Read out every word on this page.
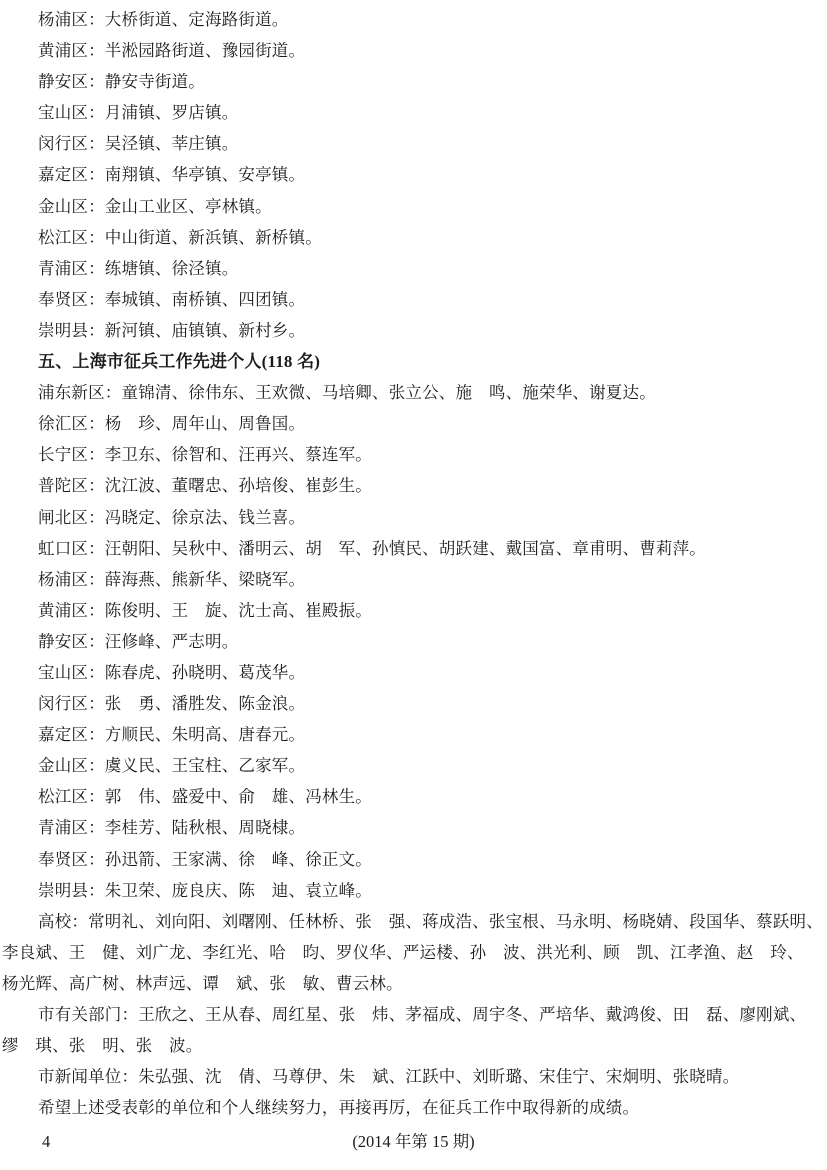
杨浦区：大桥街道、定海路街道。
黄浦区：半淞园路街道、豫园街道。
静安区：静安寺街道。
宝山区：月浦镇、罗店镇。
闵行区：吴泾镇、莘庄镇。
嘉定区：南翔镇、华亭镇、安亭镇。
金山区：金山工业区、亭林镇。
松江区：中山街道、新浜镇、新桥镇。
青浦区：练塘镇、徐泾镇。
奉贤区：奉城镇、南桥镇、四团镇。
崇明县：新河镇、庙镇镇、新村乡。
五、上海市征兵工作先进个人(118 名)
浦东新区：童锦清、徐伟东、王欢微、马培卿、张立公、施　鸣、施荣华、谢夏达。
徐汇区：杨　珍、周年山、周鲁国。
长宁区：李卫东、徐智和、汪再兴、蔡连军。
普陀区：沈江波、董曙忠、孙培俊、崔彭生。
闸北区：冯晓定、徐京法、钱兰喜。
虹口区：汪朝阳、吴秋中、潘明云、胡　军、孙慎民、胡跃建、戴国富、章甫明、曹莉萍。
杨浦区：薛海燕、熊新华、梁晓军。
黄浦区：陈俊明、王　旋、沈士高、崔殿振。
静安区：汪修峰、严志明。
宝山区：陈春虎、孙晓明、葛茂华。
闵行区：张　勇、潘胜发、陈金浪。
嘉定区：方顺民、朱明高、唐春元。
金山区：虞义民、王宝柱、乙家军。
松江区：郭　伟、盛爱中、俞　雄、冯林生。
青浦区：李桂芳、陆秋根、周晓棣。
奉贤区：孙迅箭、王家满、徐　峰、徐正文。
崇明县：朱卫荣、庞良庆、陈　迪、袁立峰。
高校：常明礼、刘向阳、刘曙刚、任林桥、张　强、蒋成浩、张宝根、马永明、杨晓婧、段国华、蔡跃明、
李良斌、王　健、刘广龙、李红光、哈　昀、罗仪华、严运楼、孙　波、洪光利、顾　凯、江孝渔、赵　玲、
杨光辉、高广树、林声远、谭　斌、张　敏、曹云林。
市有关部门：王欣之、王从春、周红星、张　炜、茅福成、周宇冬、严培华、戴鸿俊、田　磊、廖刚斌、
缪　琪、张　明、张　波。
市新闻单位：朱弘强、沈　倩、马尊伊、朱　斌、江跃中、刘昕璐、宋佳宁、宋炯明、张晓晴。
希望上述受表彰的单位和个人继续努力，再接再厉，在征兵工作中取得新的成绩。
4	(2014 年第 15 期)
